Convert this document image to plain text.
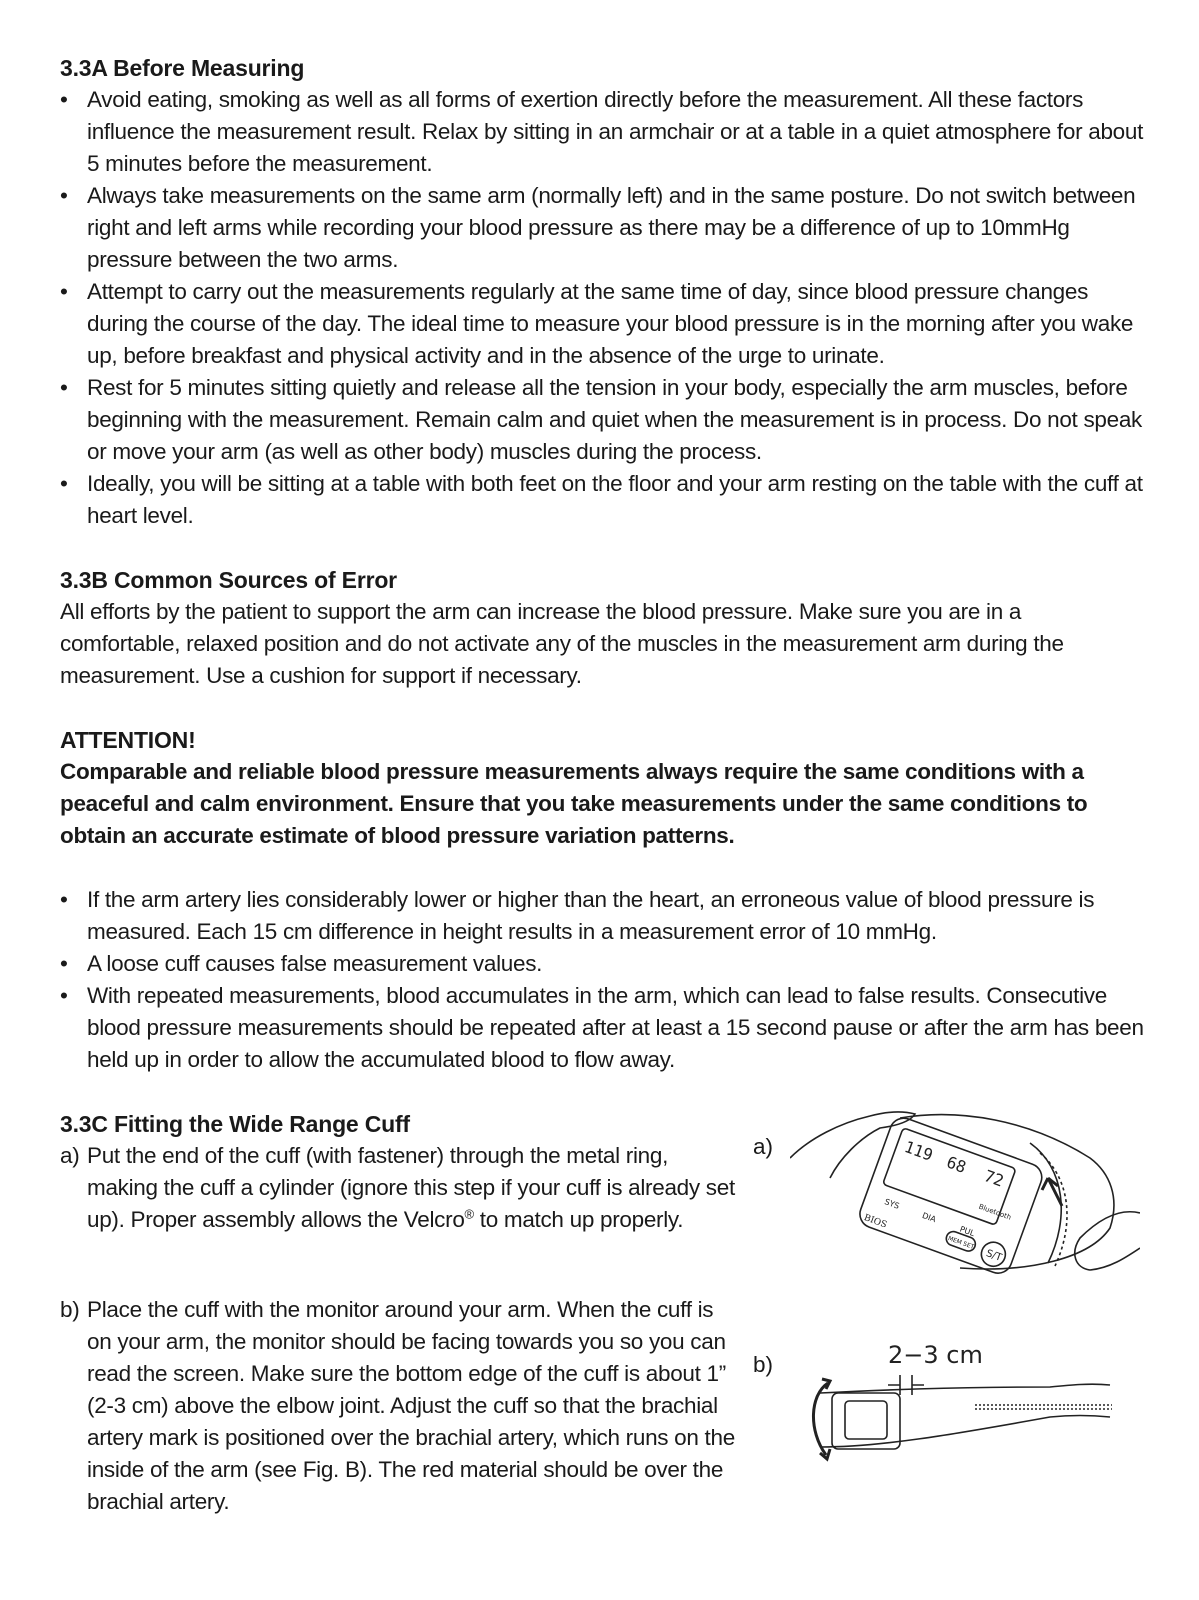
3.3A Before Measuring

• Avoid eating, smoking as well as all forms of exertion directly before the measurement. All these factors influence the measurement result. Relax by sitting in an armchair or at a table in a quiet atmosphere for about 5 minutes before the measurement.
• Always take measurements on the same arm (normally left) and in the same posture. Do not switch between right and left arms while recording your blood pressure as there may be a difference of up to 10mmHg pressure between the two arms.
• Attempt to carry out the measurements regularly at the same time of day, since blood pressure changes during the course of the day. The ideal time to measure your blood pressure is in the morning after you wake up, before breakfast and physical activity and in the absence of the urge to urinate.
• Rest for 5 minutes sitting quietly and release all the tension in your body, especially the arm muscles, before beginning with the measurement. Remain calm and quiet when the measurement is in process. Do not speak or move your arm (as well as other body) muscles during the process.
• Ideally, you will be sitting at a table with both feet on the floor and your arm resting on the table with the cuff at heart level.

3.3B Common Sources of Error

All efforts by the patient to support the arm can increase the blood pressure. Make sure you are in a comfortable, relaxed position and do not activate any of the muscles in the measurement arm during the measurement. Use a cushion for support if necessary.

ATTENTION!

Comparable and reliable blood pressure measurements always require the same conditions with a peaceful and calm environment. Ensure that you take measurements under the same conditions to obtain an accurate estimate of blood pressure variation patterns.

• If the arm artery lies considerably lower or higher than the heart, an erroneous value of blood pressure is measured. Each 15 cm difference in height results in a measurement error of 10 mmHg.
• A loose cuff causes false measurement values.
• With repeated measurements, blood accumulates in the arm, which can lead to false results. Consecutive blood pressure measurements should be repeated after at least a 15 second pause or after the arm has been held up in order to allow the accumulated blood to flow away.

3.3C Fitting the Wide Range Cuff

a) Put the end of the cuff (with fastener) through the metal ring, making the cuff a cylinder (ignore this step if your cuff is already set up). Proper assembly allows the Velcro® to match up properly.
b) Place the cuff with the monitor around your arm. When the cuff is on your arm, the monitor should be facing towards you so you can read the screen. Make sure the bottom edge of the cuff is about 1” (2-3 cm) above the elbow joint. Adjust the cuff so that the brachial artery mark is positioned over the brachial artery, which runs on the inside of the arm (see Fig. B). The red material should be over the brachial artery.
a)
S/T
MEM SET
119 68
72
SYS
DIA
PUL
Bluetooth
BIOS
b)	2−3 cm
